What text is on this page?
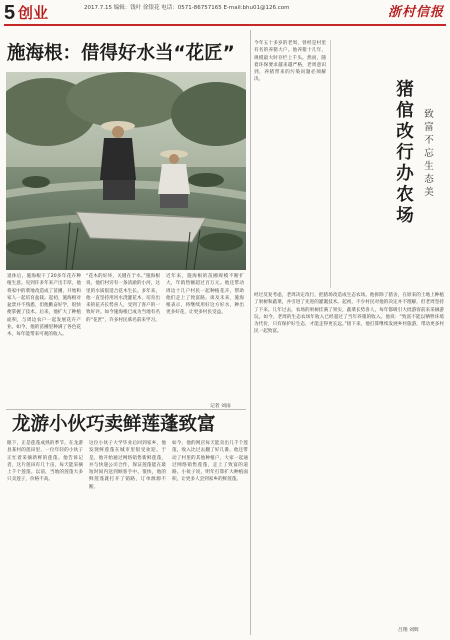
5 创业	2017.7.15 编辑：钱叶 徐银花 电话：0571-86757165 E-mail:bhu01@126.com	浙村信报
施海根：借得好水当“花匠”
退休后，施海根干了20多年花卉种植生意。见到许多年来产出丰厚，他将家中的菜地改造成了苗圃，开始和家人一起培育盆栽。起初，施海根对盆景并不熟悉，但他勤奋好学，很快便掌握了技术。后来，他扩大了种植面积，与周边农户一起发展花卉产业。如今，他的苗圃里种满了各色花木，每年能带来可观的收入。
“花木的好坏，关键在于水。”施海根说，他们村旁有一条清澈的小河，这里的水质很适合花木生长。多年来，他一直坚持用河水浇灌花木，培育出来的花卉长势喜人，受到了客户的一致好评。如今施海根已成为当地有名的“花匠”，许多村民慕名前来学习。
近年来，施海根的苗圃规模不断扩大，年销售额超过百万元。他还带动周边十几户村民一起种植花卉，帮助他们走上了致富路。谈及未来，施海根表示，将继续用好这方好水，种出更多好花，让更多村民受益。
记者 刘雨
龙游小伙巧卖鲜莲蓬致富
眼下，正是莲蓬成熟的季节。在龙游县某村的莲田里，一位年轻的小伙子正忙着采摘新鲜的莲蓬。他告诉记者，这片莲田有几十亩，每天能采摘上千个莲蓬。以前，当地的莲蓬大多只卖莲子，价格不高。
这位小伙子大学毕业后回到家乡，他发现鲜莲蓬在城市里很受欢迎。于是，他开始通过网络销售新鲜莲蓬，并与快递公司合作，保证莲蓬能在最短时间内送到顾客手中。很快，他的鲜莲蓬就打开了销路，订单源源不断。
如今，他的网店每天能卖出几千个莲蓬，收入比过去翻了好几番。他还带动了村里的其他种植户，大家一起通过网络销售莲蓬，走上了致富的道路。小伙子说，明年打算扩大种植面积，让更多人尝到家乡的鲜莲蓬。
猪倌改行办农场
致富不忘生态美
今年五十多岁的老周，曾经是村里有名的养猪大户。他养猪十几年，规模最大时存栏上千头。然而，随着环保要求越来越严格，老周意识到，养猪带来的污染问题必须解决。
经过反复考虑，老周决定改行，把猪场改造成生态农场。他拆除了猪舍，在原来的土地上种植了果树和蔬菜，并引进了先进的灌溉技术。起初，不少村民对他的决定并不理解，但老周坚持了下来。几年过去，农场的果树挂满了果实，蔬菜长势喜人，每年都吸引大批游客前来采摘游玩。如今，老周的生态农场年收入已经超过了当年养猪的收入。他说：“致富不能以牺牲环境为代价，只有保护好生态，才能走得更长远。”接下来，他打算继续发展乡村旅游，带动更多村民一起致富。
吕翔 刘辉
